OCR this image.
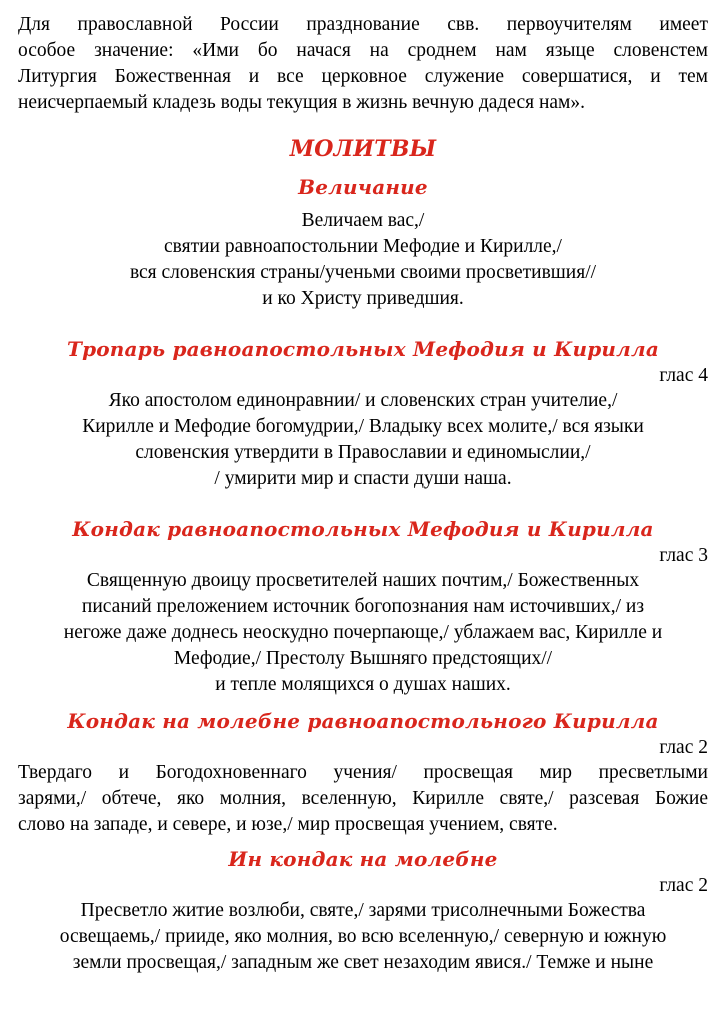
Для православной России празднование свв. первоучителям имеет
особое значение: «Ими бо начася на сроднем нам языце словенстем
Литургия Божественная и все церковное служение совершатися, и тем
неисчерпаемый кладезь воды текущия в жизнь вечную дадеся нам».

МОЛИТВЫ
Величание

Величаем вас,/
святии равноапостольнии Мефодие и Кирилле,/
вся словенския страны/ученьми своими просветившия//
и ко Христу приведшия.

Тропарь равноапостольных Мефодия и Кирилла

глас 4

Яко апостолом единонравнии/ и словенских стран учителие,/
Кирилле и Мефодие богомудрии,/ Владыку всех молите,/ вся языки
словенския утвердити в Православии и единомыслии,/
/ умирити мир и спасти души наша.

Кондак равноапостольных Мефодия и Кирилла

глас 3

Священную двоицу просветителей наших почтим,/ Божественных
писаний преложением источник богопознания нам источивших,/ из
негоже даже доднесь неоскудно почерпающе,/ ублажаем вас, Кирилле и
Мефодие,/ Престолу Вышняго предстоящих//
и тепле молящихся о душах наших.

Кондак на молебне равноапостольного Кирилла

глас 2

Твердаго и Богодохновеннаго учения/ просвещая мир пресветлыми
зарями,/ обтече, яко молния, вселенную, Кирилле святе,/ разсевая Божие
слово на западе, и севере, и юзе,/ мир просвещая учением, святе.

Ин кондак на молебне

глас 2

Пресветло житие возлюби, святе,/ зарями трисолнечными Божества
освещаемь,/ прииде, яко молния, во всю вселенную,/ северную и южную
земли просвещая,/ западным же свет незаходим явися./ Темже и ныне
